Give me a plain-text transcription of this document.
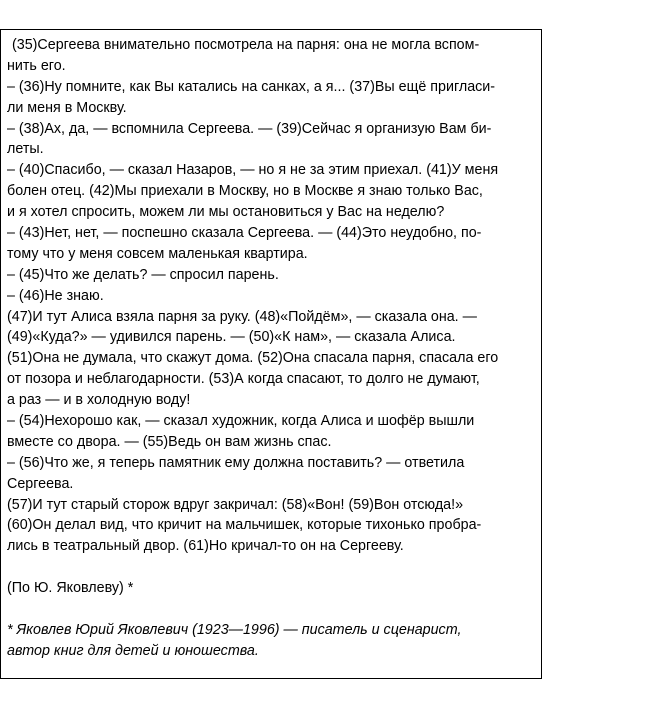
(35)Сергеева внимательно посмотрела на парня: она не могла вспом-
нить его.
– (36)Ну помните, как Вы катались на санках, а я... (37)Вы ещё пригласи-
ли меня в Москву.
– (38)Ах, да, — вспомнила Сергеева. — (39)Сейчас я организую Вам би-
леты.
– (40)Спасибо, — сказал Назаров, — но я не за этим приехал. (41)У меня
болен отец. (42)Мы приехали в Москву, но в Москве я знаю только Вас,
и я хотел спросить, можем ли мы остановиться у Вас на неделю?
– (43)Нет, нет, — поспешно сказала Сергеева. — (44)Это неудобно, по-
тому что у меня совсем маленькая квартира.
– (45)Что же делать? — спросил парень.
– (46)Не знаю.
(47)И тут Алиса взяла парня за руку. (48)«Пойдём», — сказала она. —
(49)«Куда?» — удивился парень. — (50)«К нам», — сказала Алиса.
(51)Она не думала, что скажут дома. (52)Она спасала парня, спасала его
от позора и неблагодарности. (53)А когда спасают, то долго не думают,
а раз — и в холодную воду!
– (54)Нехорошо как, — сказал художник, когда Алиса и шофёр вышли
вместе со двора. — (55)Ведь он вам жизнь спас.
– (56)Что же, я теперь памятник ему должна поставить? — ответила
Сергеева.
(57)И тут старый сторож вдруг закричал: (58)«Вон! (59)Вон отсюда!»
(60)Он делал вид, что кричит на мальчишек, которые тихонько пробра-
лись в театральный двор. (61)Но кричал-то он на Сергееву.
(По Ю. Яковлеву) *
* Яковлев Юрий Яковлевич (1923—1996) — писатель и сценарист,
автор книг для детей и юношества.
